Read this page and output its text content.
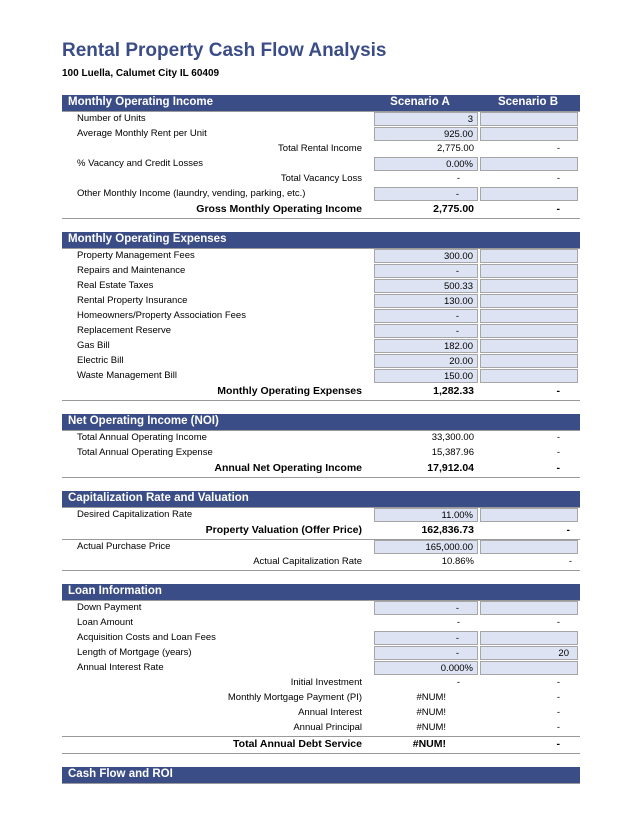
Rental Property Cash Flow Analysis
100 Luella, Calumet City IL 60409
Monthly Operating Income	Scenario A	Scenario B
Number of Units	3
Average Monthly Rent per Unit	925.00
Total Rental Income	2,775.00	-
% Vacancy and Credit Losses	0.00%
Total Vacancy Loss	-	-
Other Monthly Income (laundry, vending, parking, etc.)	-
Gross Monthly Operating Income	2,775.00	-
Monthly Operating Expenses
Property Management Fees	300.00
Repairs and Maintenance	-
Real Estate Taxes	500.33
Rental Property Insurance	130.00
Homeowners/Property Association Fees	-
Replacement Reserve	-
Gas Bill	182.00
Electric Bill	20.00
Waste Management Bill	150.00
Monthly Operating Expenses	1,282.33	-
Net Operating Income (NOI)
Total Annual Operating Income	33,300.00	-
Total Annual Operating Expense	15,387.96	-
Annual Net Operating Income	17,912.04	-
Capitalization Rate and Valuation
Desired Capitalization Rate	11.00%
Property Valuation (Offer Price)	162,836.73	-
Actual Purchase Price	165,000.00
Actual Capitalization Rate	10.86%	-
Loan Information
Down Payment	-
Loan Amount	-	-
Acquisition Costs and Loan Fees	-
Length of Mortgage (years)	-	20
Annual Interest Rate	0.000%
Initial Investment	-	-
Monthly Mortgage Payment (PI)	#NUM!	-
Annual Interest	#NUM!	-
Annual Principal	#NUM!	-
Total Annual Debt Service	#NUM!	-
Cash Flow and ROI
